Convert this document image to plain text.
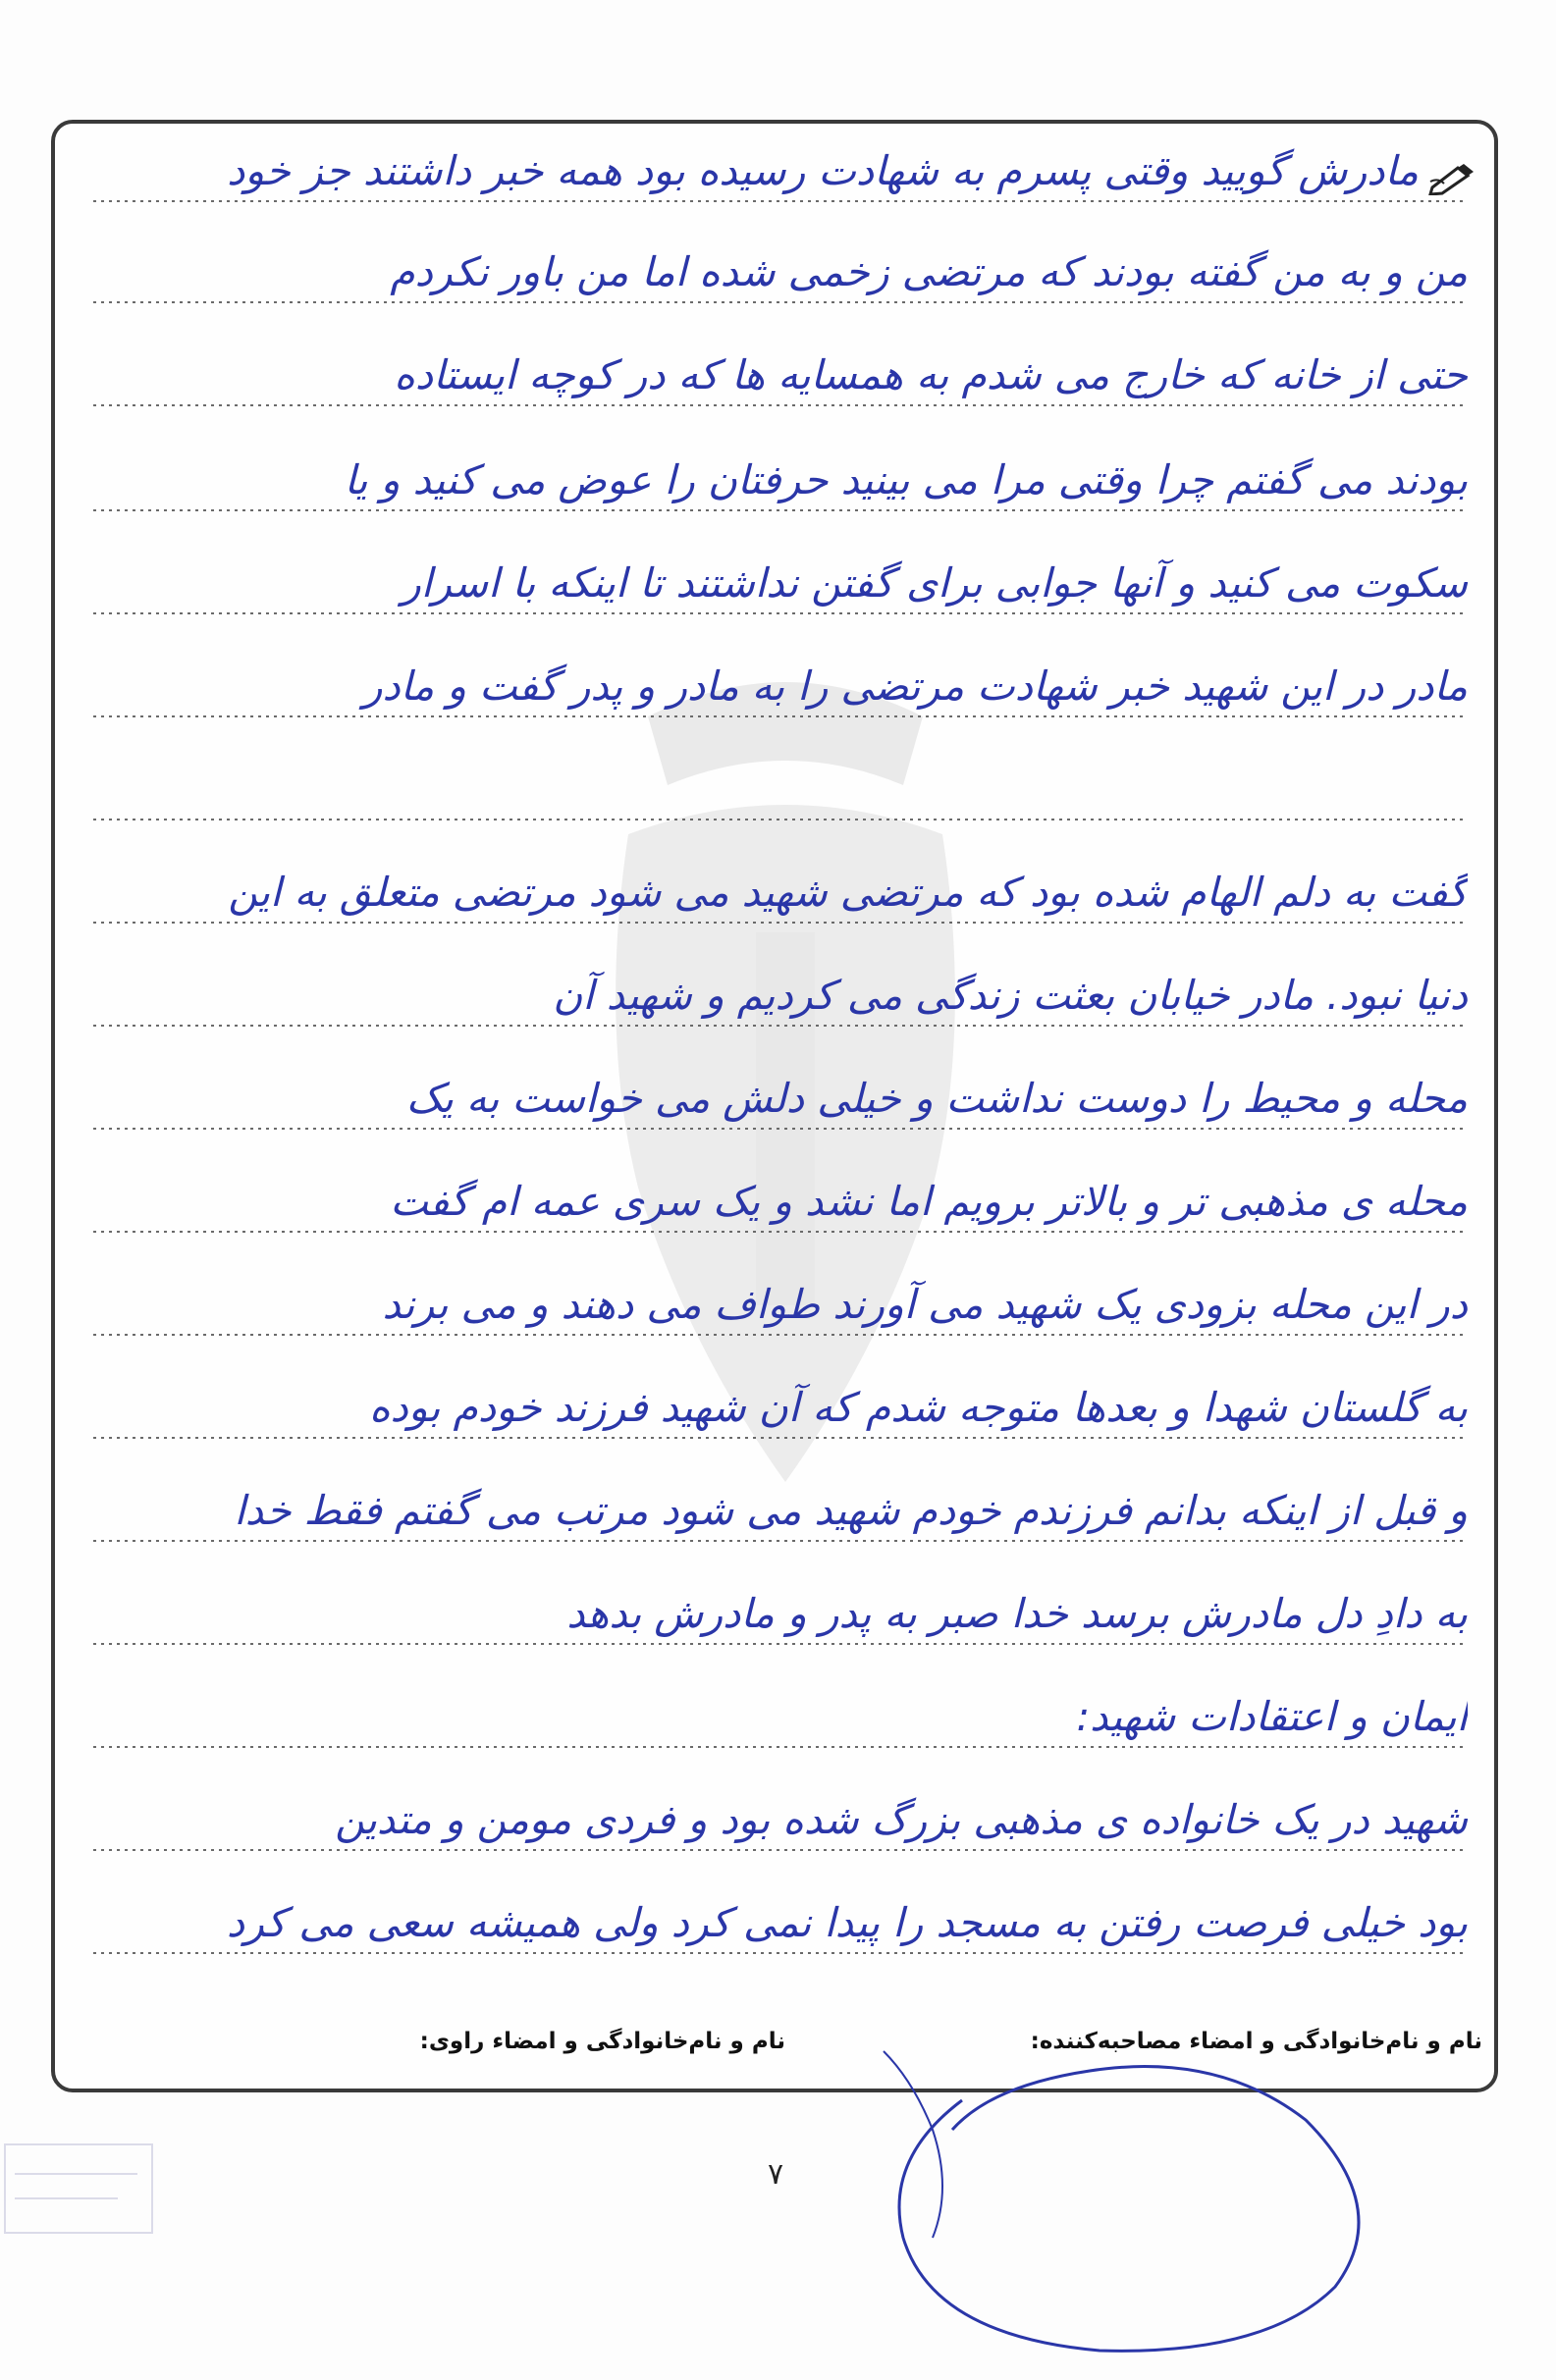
مادرش گویید وقتی پسرم به شهادت رسیده بود همه خبر داشتند جز خود
من و به من گفته بودند که مرتضی زخمی شده اما من باور نکردم
حتی از خانه که خارج می شدم به همسایه ها که در کوچه ایستاده
بودند می گفتم چرا وقتی مرا می بینید حرفتان را عوض می کنید و یا
سکوت می کنید و آنها جوابی برای گفتن نداشتند تا اینکه با اسرار
مادر در این شهید خبر شهادت مرتضی را به مادر و پدر گفت و مادر
گفت به دلم الهام شده بود که مرتضی شهید می شود مرتضی متعلق به این
دنیا نبود. مادر خیابان بعثت زندگی می کردیم و شهید آن
محله و محیط را دوست نداشت و خیلی دلش می خواست به یک
محله ی مذهبی تر و بالاتر برویم اما نشد و یک سری عمه ام گفت
در این محله بزودی یک شهید می آورند طواف می دهند و می برند
به گلستان شهدا و بعدها متوجه شدم که آن شهید فرزند خودم بوده
و قبل از اینکه بدانم فرزندم خودم شهید می شود مرتب می گفتم فقط خدا
به دادِ دل مادرش برسد خدا صبر به پدر و مادرش بدهد
ایمان و اعتقادات شهید:
شهید در یک خانواده ی مذهبی بزرگ شده بود و فردی مومن و متدین
بود خیلی فرصت رفتن به مسجد را پیدا نمی کرد ولی همیشه سعی می کرد
نام و نام‌خانوادگی و امضاء مصاحبه‌کننده:
نام و نام‌خانوادگی و امضاء راوی:
۷
